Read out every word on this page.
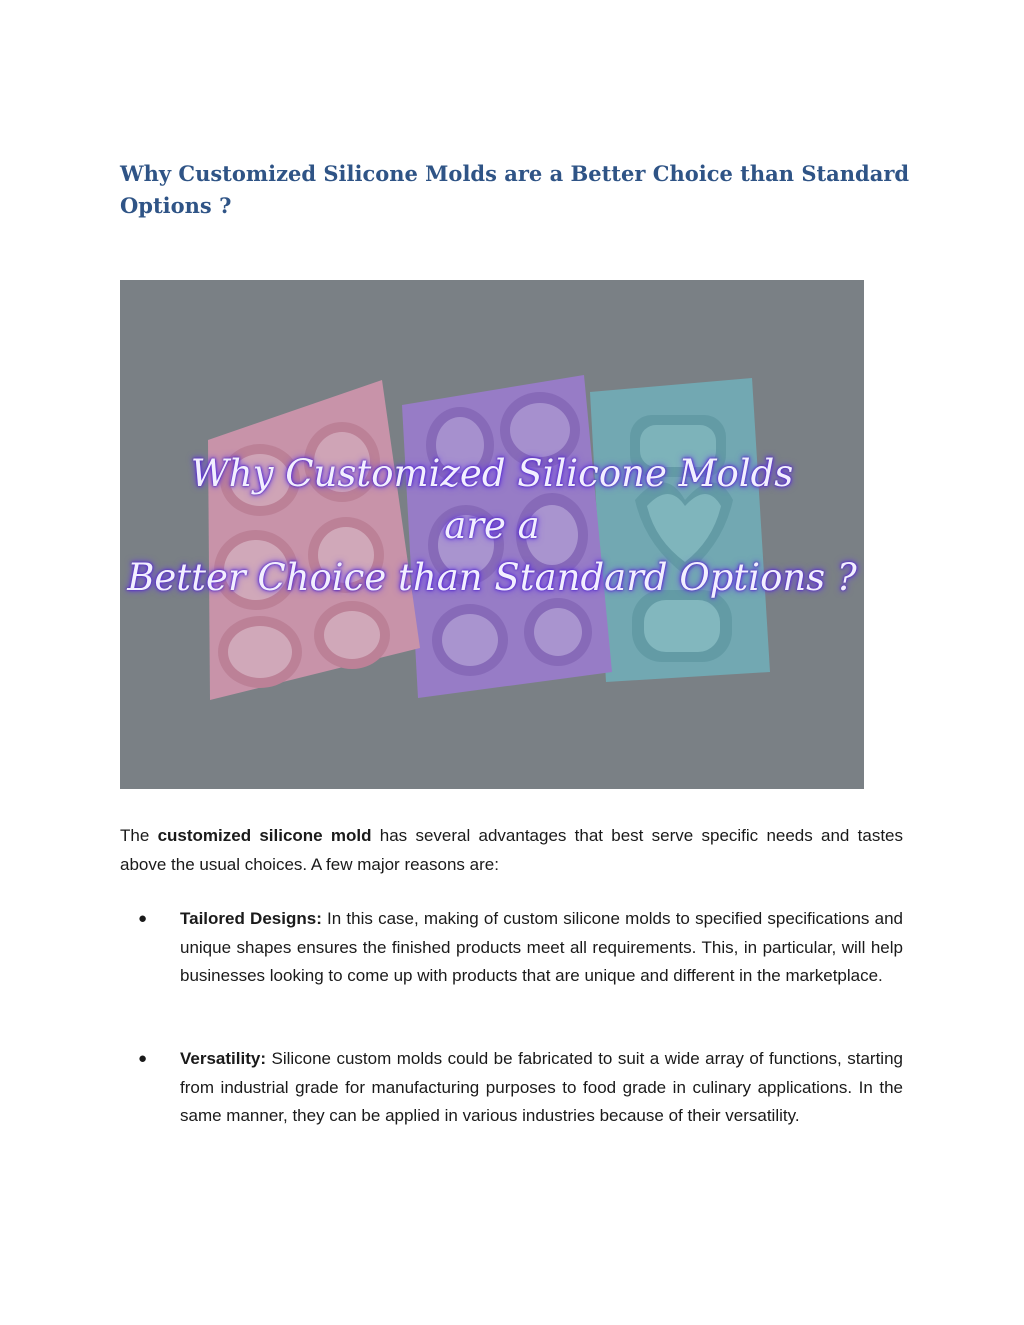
Why Customized Silicone Molds are a Better Choice than Standard Options ?
Why Customized Silicone Molds
are a
Better Choice than Standard Options ?

The customized silicone mold has several advantages that best serve specific needs and tastes above the usual choices. A few major reasons are:

● Tailored Designs: In this case, making of custom silicone molds to specified specifications and unique shapes ensures the finished products meet all requirements. This, in particular, will help businesses looking to come up with products that are unique and different in the marketplace.

● Versatility: Silicone custom molds could be fabricated to suit a wide array of functions, starting from industrial grade for manufacturing purposes to food grade in culinary applications. In the same manner, they can be applied in various industries because of their versatility.
